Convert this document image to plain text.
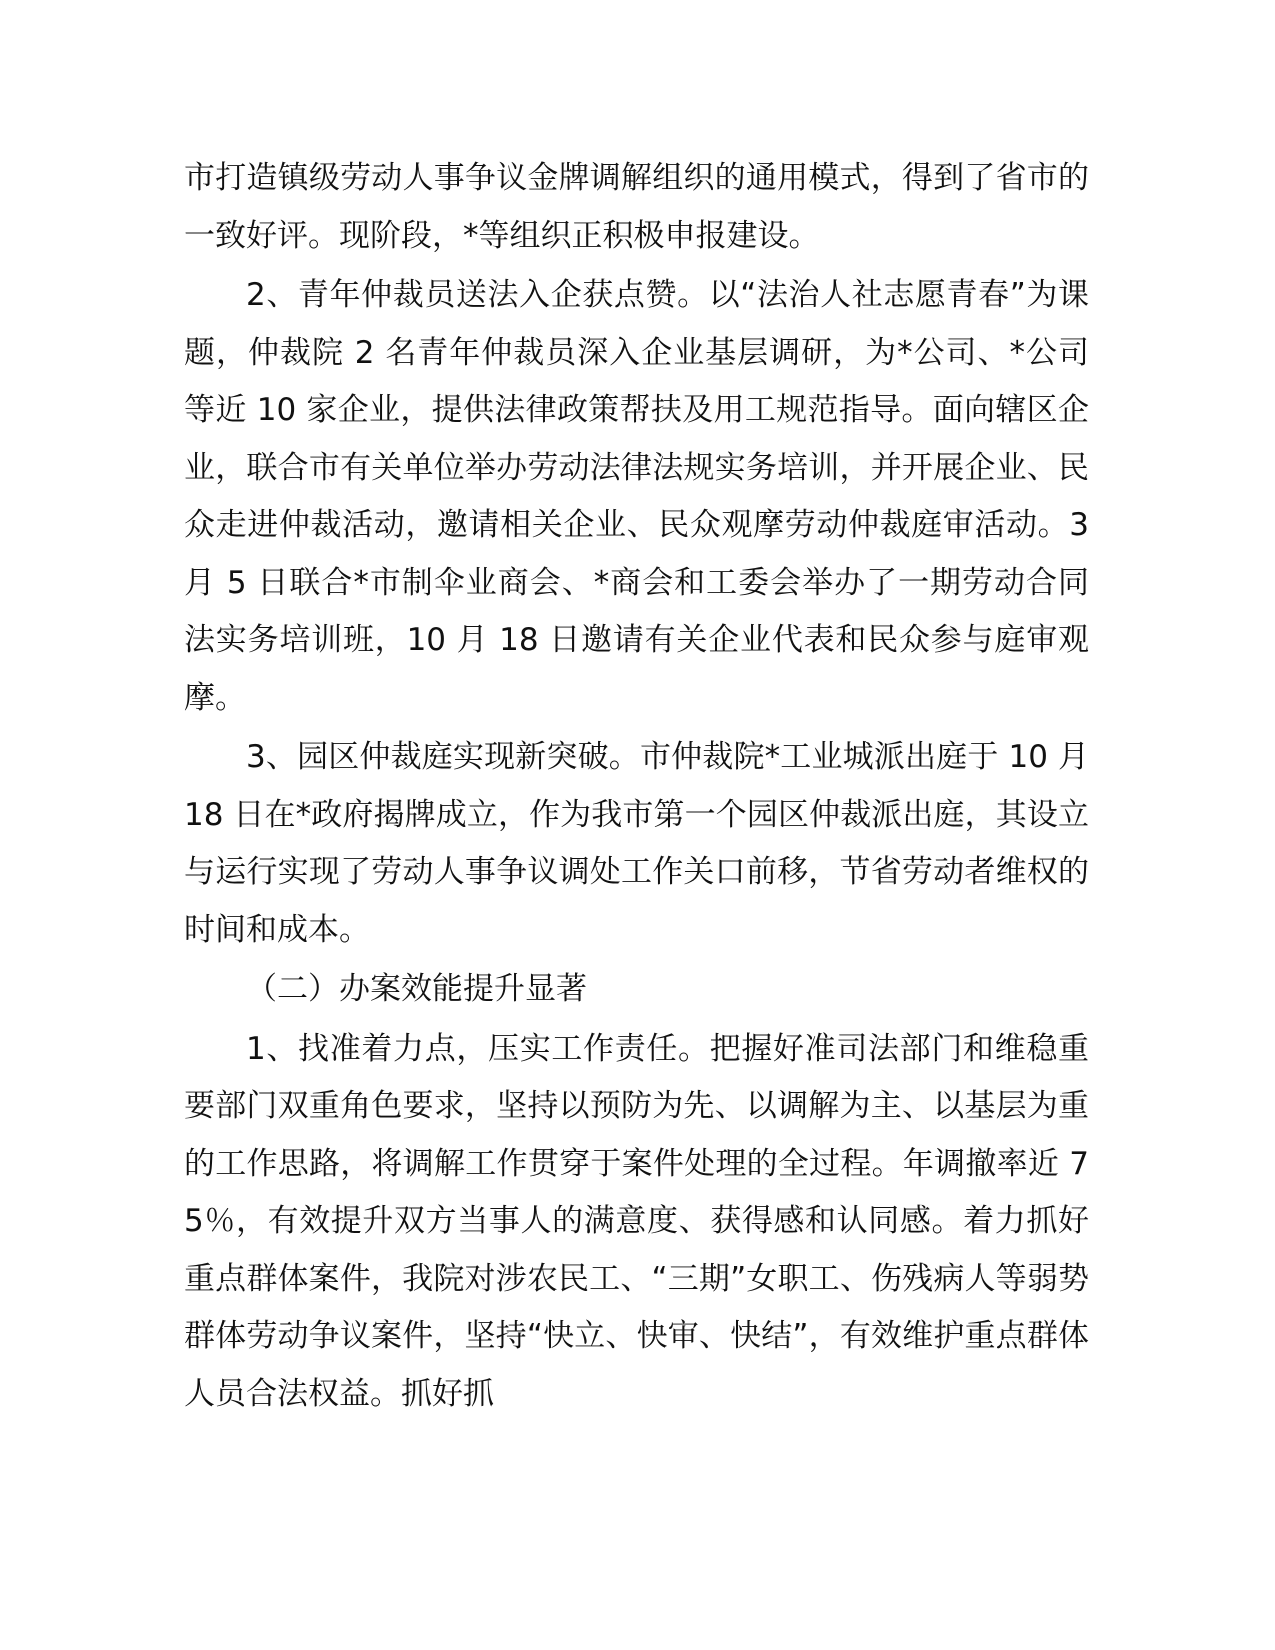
市打造镇级劳动人事争议金牌调解组织的通用模式，得到了省市的一致好评。现阶段，*等组织正积极申报建设。

2、青年仲裁员送法入企获点赞。以“法治人社志愿青春”为课题，仲裁院 2 名青年仲裁员深入企业基层调研，为*公司、*公司等近 10 家企业，提供法律政策帮扶及用工规范指导。面向辖区企业，联合市有关单位举办劳动法律法规实务培训，并开展企业、民众走进仲裁活动，邀请相关企业、民众观摩劳动仲裁庭审活动。3 月 5 日联合*市制伞业商会、*商会和工委会举办了一期劳动合同法实务培训班，10 月 18 日邀请有关企业代表和民众参与庭审观摩。

3、园区仲裁庭实现新突破。市仲裁院*工业城派出庭于 10 月 18 日在*政府揭牌成立，作为我市第一个园区仲裁派出庭，其设立与运行实现了劳动人事争议调处工作关口前移，节省劳动者维权的时间和成本。

（二）办案效能提升显著

1、找准着力点，压实工作责任。把握好准司法部门和维稳重要部门双重角色要求，坚持以预防为先、以调解为主、以基层为重的工作思路，将调解工作贯穿于案件处理的全过程。年调撤率近 75％，有效提升双方当事人的满意度、获得感和认同感。着力抓好重点群体案件，我院对涉农民工、“三期”女职工、伤残病人等弱势群体劳动争议案件，坚持“快立、快审、快结”，有效维护重点群体人员合法权益。抓好抓
